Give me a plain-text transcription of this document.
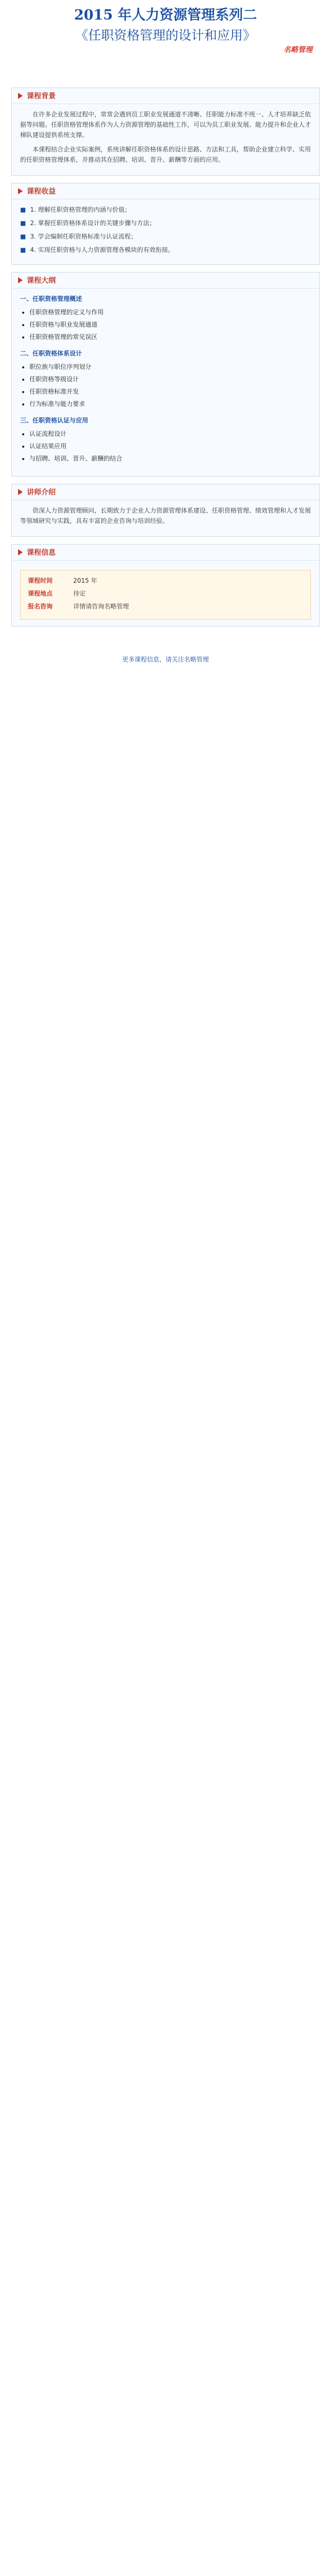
2015 年人力资源管理系列二
《任职资格管理的设计和应用》
名略管理
课程背景

在许多企业发展过程中，常常会遇到员工职业发展通道不清晰、任职能力标准不统一、人才培养缺乏依据等问题。任职资格管理体系作为人力资源管理的基础性工作，可以为员工职业发展、能力提升和企业人才梯队建设提供系统支撑。

本课程结合企业实际案例，系统讲解任职资格体系的设计思路、方法和工具，帮助企业建立科学、实用的任职资格管理体系，并推动其在招聘、培训、晋升、薪酬等方面的应用。

课程收益
■ 1. 理解任职资格管理的内涵与价值；
■ 2. 掌握任职资格体系设计的关键步骤与方法；
■ 3. 学会编制任职资格标准与认证流程；
■ 4. 实现任职资格与人力资源管理各模块的有效衔接。
课程大纲
一、任职资格管理概述
• 任职资格管理的定义与作用
• 任职资格与职业发展通道
• 任职资格管理的常见误区
二、任职资格体系设计
• 职位族与职位序列划分
• 任职资格等级设计
• 任职资格标准开发
• 行为标准与能力要求
三、任职资格认证与应用
• 认证流程设计
• 认证结果应用
• 与招聘、培训、晋升、薪酬的结合
讲师介绍

资深人力资源管理顾问，长期致力于企业人力资源管理体系建设、任职资格管理、绩效管理和人才发展等领域研究与实践，具有丰富的企业咨询与培训经验。

课程信息
课程时间	2015 年
课程地点	待定
报名咨询	详情请咨询名略管理
更多课程信息，请关注名略管理
